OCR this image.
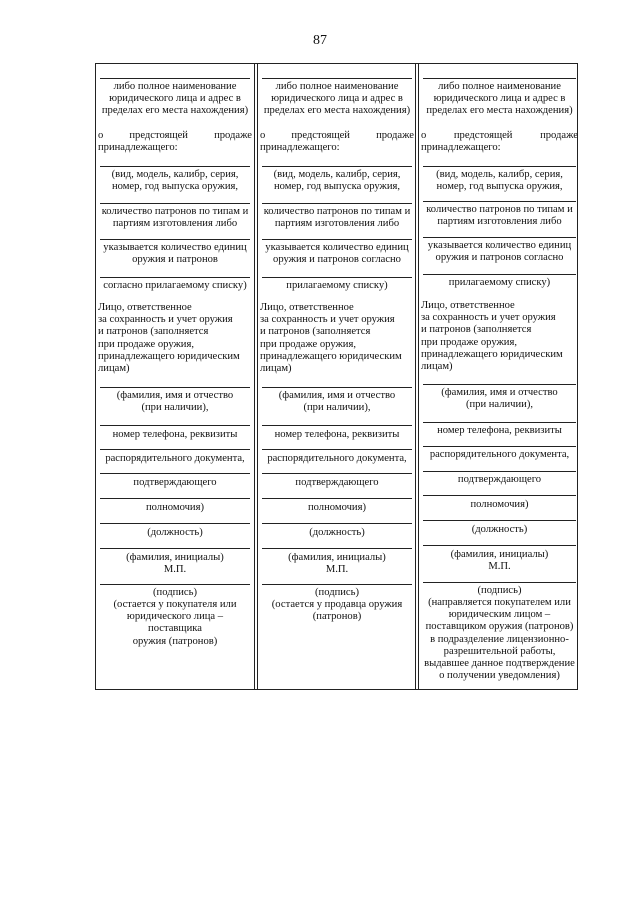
87
либо полное наименование
юридического лица и адрес в
пределах его места нахождения)
о предстоящей продаже
принадлежащего:
(вид, модель, калибр, серия,
номер, год выпуска оружия,
количество патронов по типам и
партиям изготовления либо
указывается количество единиц
оружия и патронов
согласно прилагаемому списку)
Лицо, ответственное
за сохранность и учет оружия
и патронов (заполняется
при продаже оружия,
принадлежащего юридическим
лицам)
(фамилия, имя и отчество
(при наличии),
номер телефона, реквизиты
распорядительного документа,
подтверждающего
полномочия)
(должность)
(фамилия, инициалы)
М.П.
(подпись)
(остается у покупателя или
юридического лица – поставщика
оружия (патронов)
либо полное наименование
юридического лица и адрес в
пределах его места нахождения)
о предстоящей продаже
принадлежащего:
(вид, модель, калибр, серия,
номер, год выпуска оружия,
количество патронов по типам и
партиям изготовления либо
указывается количество единиц
оружия и патронов согласно
прилагаемому списку)
Лицо, ответственное
за сохранность и учет оружия
и патронов (заполняется
при продаже оружия,
принадлежащего юридическим
лицам)
(фамилия, имя и отчество
(при наличии),
номер телефона, реквизиты
распорядительного документа,
подтверждающего
полномочия)
(должность)
(фамилия, инициалы)
М.П.
(подпись)
(остается у продавца оружия
(патронов)
либо полное наименование
юридического лица и адрес в
пределах его места нахождения)
о	предстоящей	продаже
принадлежащего:
(вид, модель, калибр, серия,
номер, год выпуска оружия,
количество патронов по типам и
партиям изготовления либо
указывается количество единиц
оружия и патронов согласно
прилагаемому списку)
Лицо, ответственное
за сохранность и учет оружия
и патронов (заполняется
при продаже оружия,
принадлежащего юридическим
лицам)
(фамилия, имя и отчество
(при наличии),
номер телефона, реквизиты
распорядительного документа,
подтверждающего
полномочия)
(должность)
(фамилия, инициалы)
М.П.
(подпись)
(направляется покупателем или
юридическим лицом –
поставщиком оружия (патронов)
в подразделение лицензионно-
разрешительной работы,
выдавшее данное подтверждение
о получении уведомления)
